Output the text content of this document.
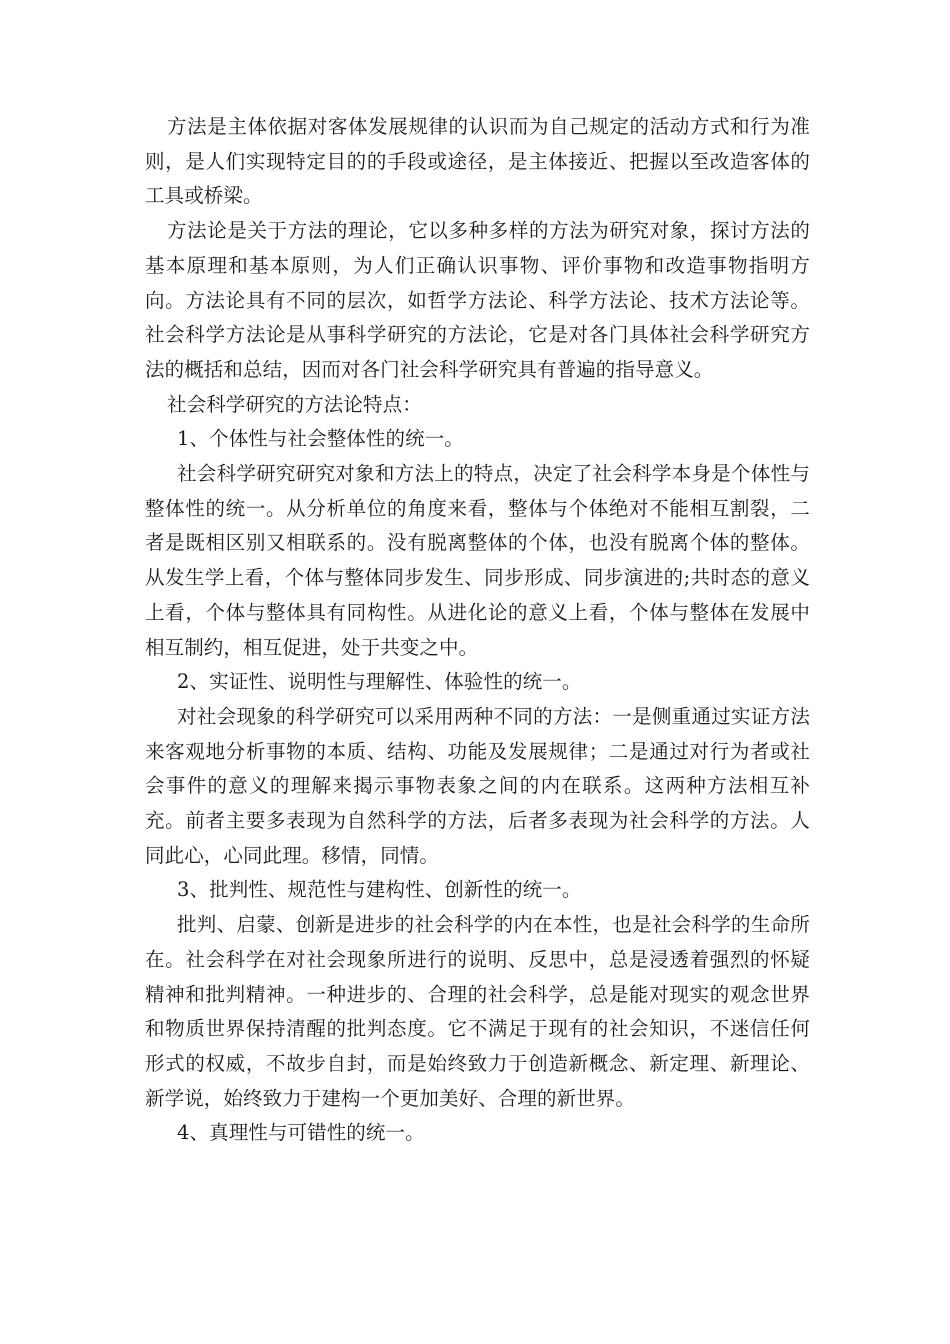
方法是主体依据对客体发展规律的认识而为自己规定的活动方式和行为准则，是人们实现特定目的的手段或途径，是主体接近、把握以至改造客体的工具或桥梁。

方法论是关于方法的理论，它以多种多样的方法为研究对象，探讨方法的基本原理和基本原则，为人们正确认识事物、评价事物和改造事物指明方向。方法论具有不同的层次，如哲学方法论、科学方法论、技术方法论等。社会科学方法论是从事科学研究的方法论，它是对各门具体社会科学研究方法的概括和总结，因而对各门社会科学研究具有普遍的指导意义。

社会科学研究的方法论特点：

1、个体性与社会整体性的统一。

社会科学研究研究对象和方法上的特点，决定了社会科学本身是个体性与整体性的统一。从分析单位的角度来看，整体与个体绝对不能相互割裂，二者是既相区别又相联系的。没有脱离整体的个体，也没有脱离个体的整体。从发生学上看，个体与整体同步发生、同步形成、同步演进的;共时态的意义上看，个体与整体具有同构性。从进化论的意义上看，个体与整体在发展中相互制约，相互促进，处于共变之中。

2、实证性、说明性与理解性、体验性的统一。

对社会现象的科学研究可以采用两种不同的方法：一是侧重通过实证方法来客观地分析事物的本质、结构、功能及发展规律；二是通过对行为者或社会事件的意义的理解来揭示事物表象之间的内在联系。这两种方法相互补充。前者主要多表现为自然科学的方法，后者多表现为社会科学的方法。人同此心，心同此理。移情，同情。

3、批判性、规范性与建构性、创新性的统一。

批判、启蒙、创新是进步的社会科学的内在本性，也是社会科学的生命所在。社会科学在对社会现象所进行的说明、反思中，总是浸透着强烈的怀疑精神和批判精神。一种进步的、合理的社会科学，总是能对现实的观念世界和物质世界保持清醒的批判态度。它不满足于现有的社会知识，不迷信任何形式的权威，不故步自封，而是始终致力于创造新概念、新定理、新理论、新学说，始终致力于建构一个更加美好、合理的新世界。

4、真理性与可错性的统一。
